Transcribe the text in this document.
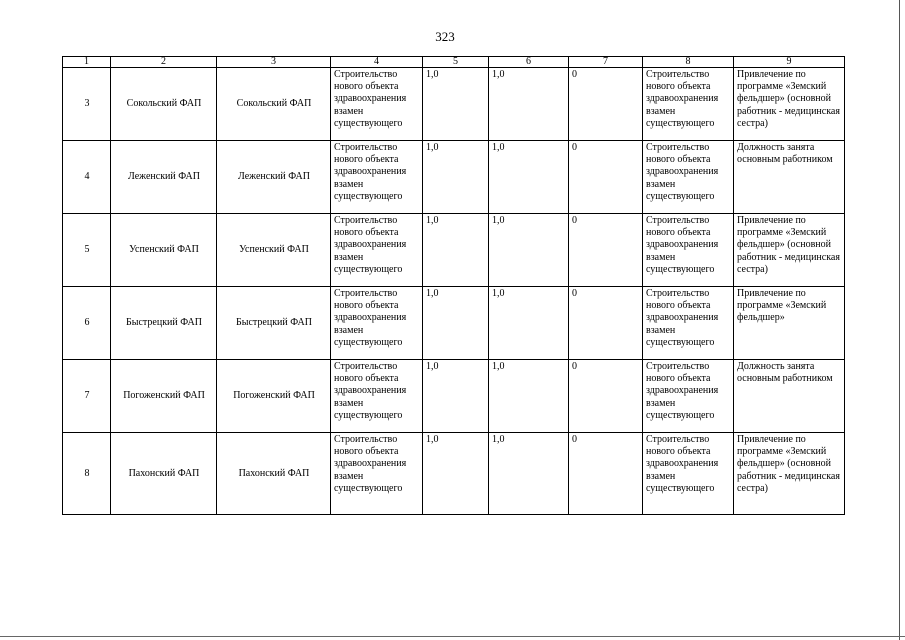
323
1	2	3	4	5	6	7	8	9
3	Сокольский ФАП	Сокольский ФАП	Строительство нового объекта здравоохранения взамен существующего	1,0	1,0	0	Строительство нового объекта здравоохранения взамен существующего	Привлечение по программе «Земский фельдшер» (основной работник - медицинская сестра)
4	Леженский ФАП	Леженский ФАП	Строительство нового объекта здравоохранения взамен существующего	1,0	1,0	0	Строительство нового объекта здравоохранения взамен существующего	Должность занята основным работником
5	Успенский ФАП	Успенский ФАП	Строительство нового объекта здравоохранения взамен существующего	1,0	1,0	0	Строительство нового объекта здравоохранения взамен существующего	Привлечение по программе «Земский фельдшер» (основной работник - медицинская сестра)
6	Быстрецкий ФАП	Быстрецкий ФАП	Строительство нового объекта здравоохранения взамен существующего	1,0	1,0	0	Строительство нового объекта здравоохранения взамен существующего	Привлечение по программе «Земский фельдшер»
7	Погоженский ФАП	Погоженский ФАП	Строительство нового объекта здравоохранения взамен существующего	1,0	1,0	0	Строительство нового объекта здравоохранения взамен существующего	Должность занята основным работником
8	Пахонский ФАП	Пахонский ФАП	Строительство нового объекта здравоохранения взамен существующего	1,0	1,0	0	Строительство нового объекта здравоохранения взамен существующего	Привлечение по программе «Земский фельдшер» (основной работник - медицинская сестра)
